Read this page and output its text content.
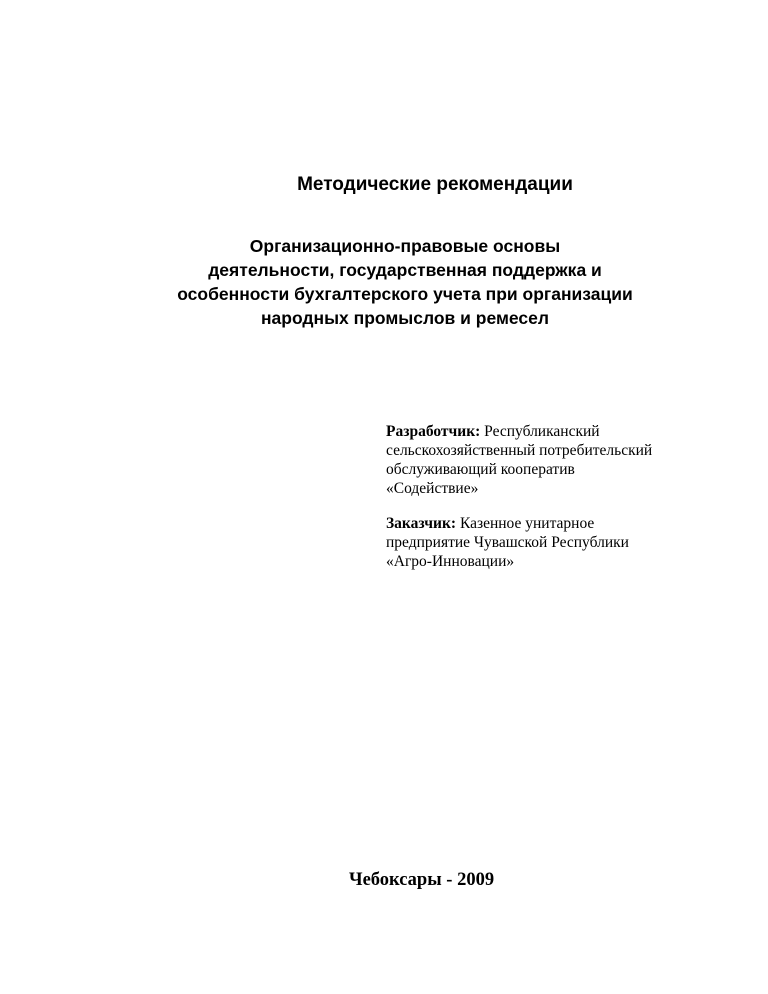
Методические рекомендации
Организационно-правовые основы
деятельности, государственная поддержка и
особенности бухгалтерского учета при организации
народных промыслов и ремесел
Разработчик: Республиканский
сельскохозяйственный потребительский
обслуживающий кооператив
«Содействие»
Заказчик: Казенное унитарное
предприятие Чувашской Республики
«Агро-Инновации»
Чебоксары - 2009
